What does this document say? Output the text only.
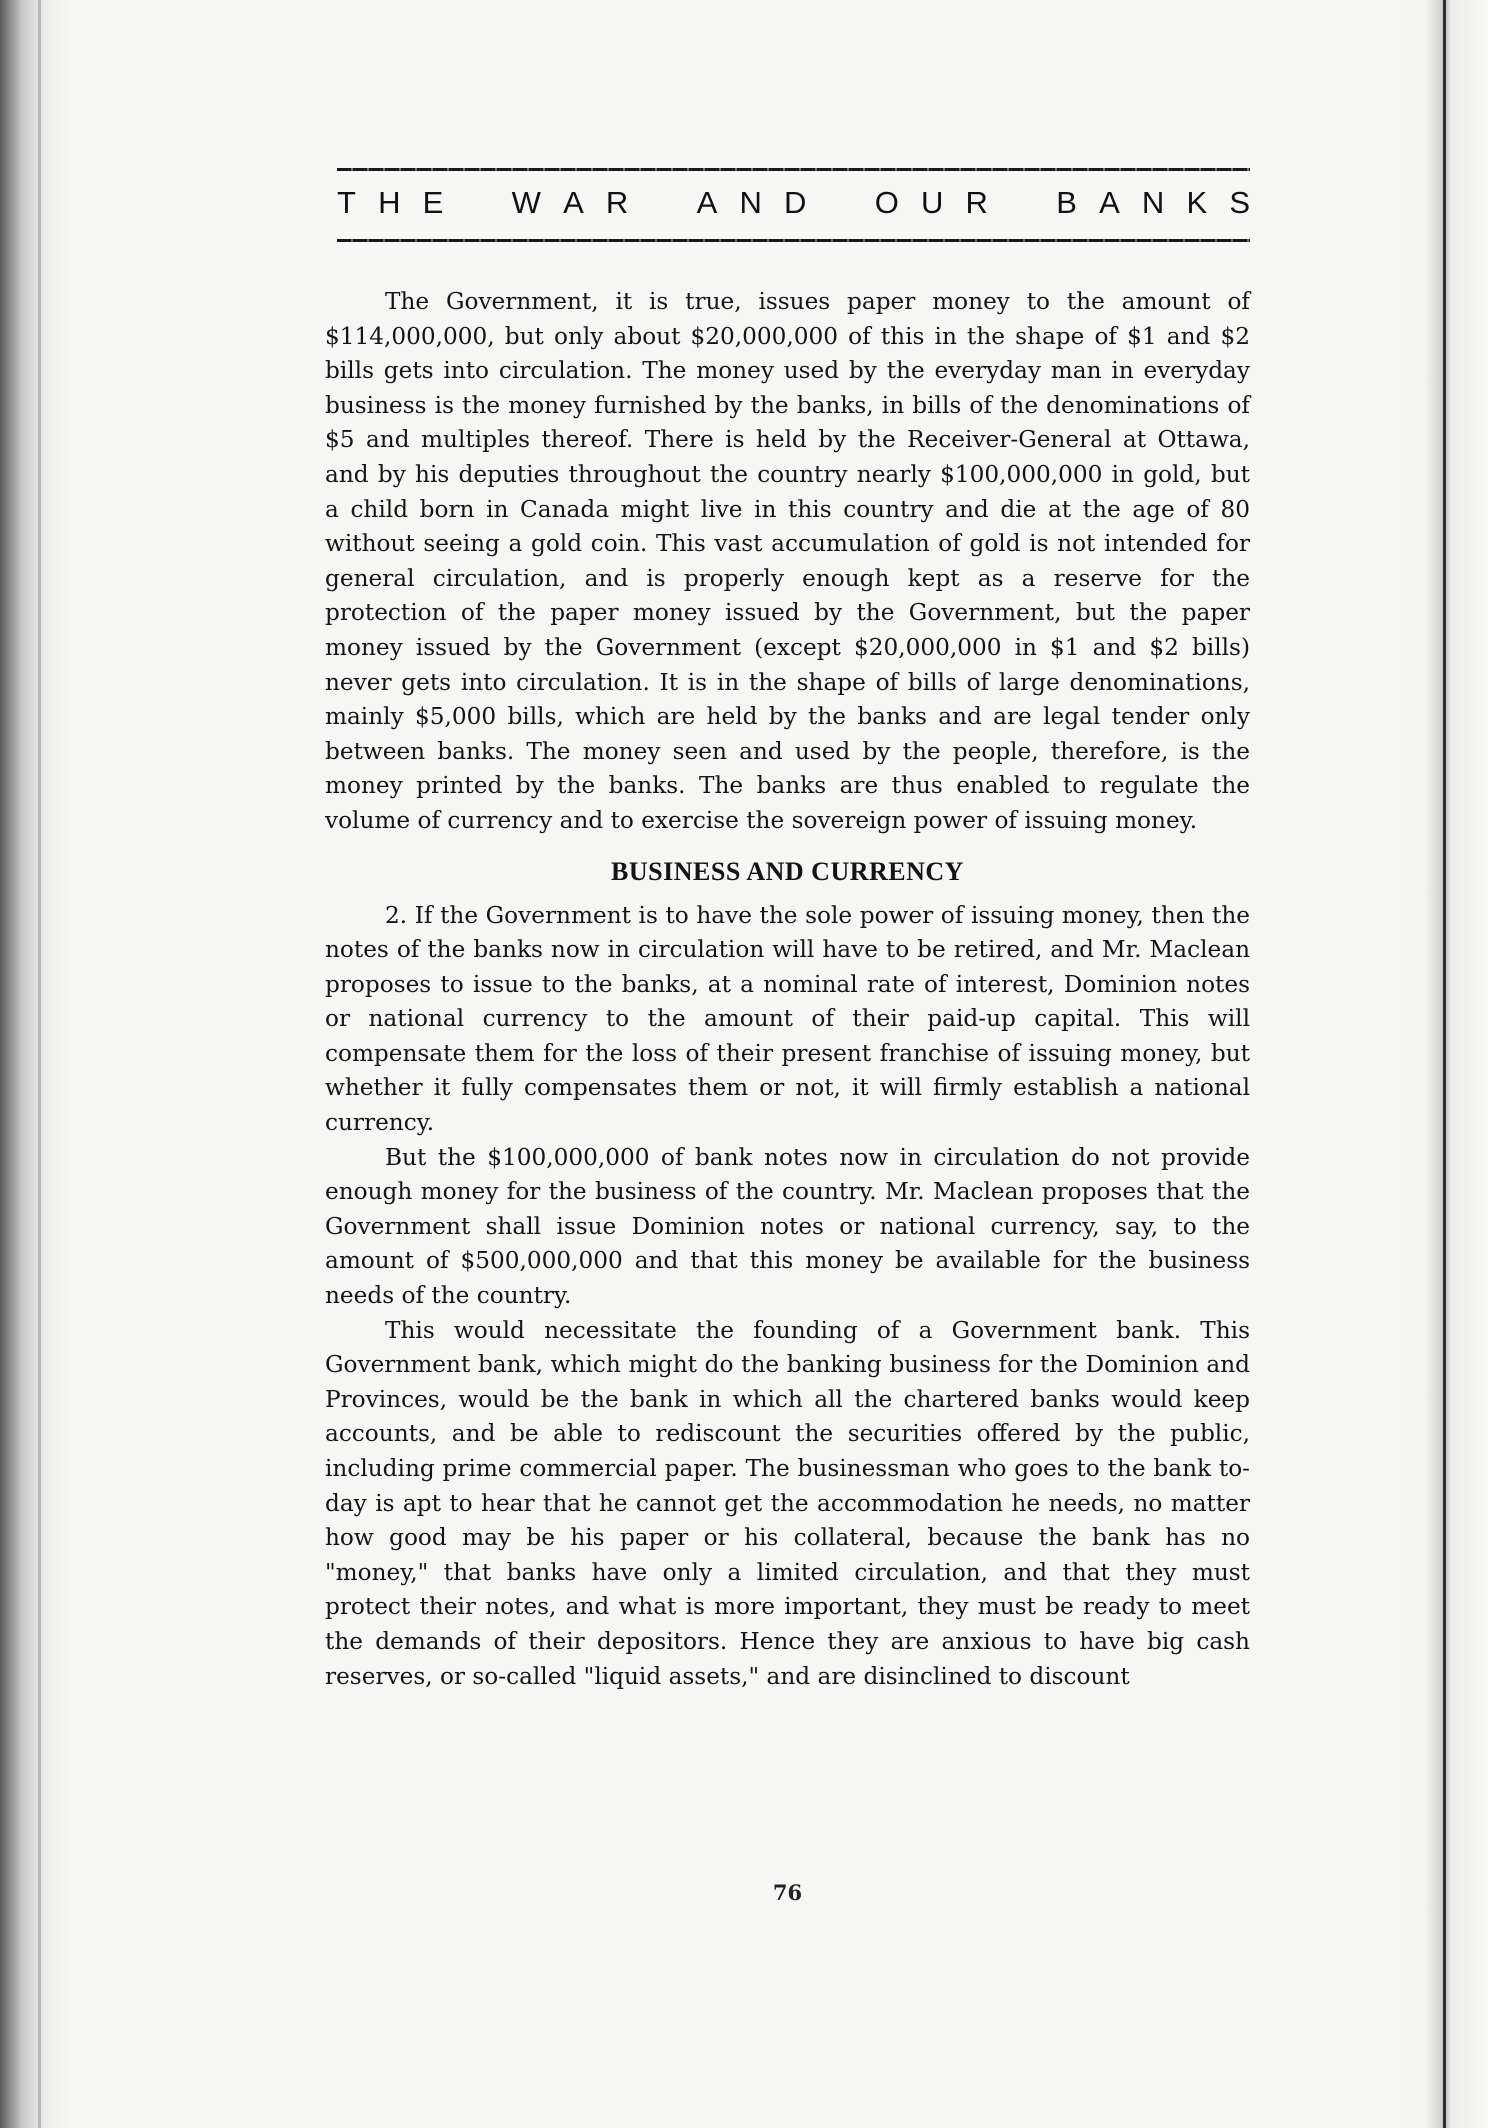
T H E W A R A N D O U R B A N K S

The Government, it is true, issues paper money to the amount of $114,000,000, but only about $20,000,000 of this in the shape of $1 and $2 bills gets into circulation. The money used by the everyday man in everyday business is the money furnished by the banks, in bills of the denominations of $5 and multiples thereof. There is held by the Receiver-General at Ottawa, and by his deputies throughout the country nearly $100,000,000 in gold, but a child born in Canada might live in this country and die at the age of 80 without seeing a gold coin. This vast accumulation of gold is not intended for general circulation, and is properly enough kept as a reserve for the protection of the paper money issued by the Government, but the paper money issued by the Government (except $20,000,000 in $1 and $2 bills) never gets into circulation. It is in the shape of bills of large denominations, mainly $5,000 bills, which are held by the banks and are legal tender only between banks. The money seen and used by the people, therefore, is the money printed by the banks. The banks are thus enabled to regulate the volume of currency and to exercise the sovereign power of issuing money.

BUSINESS AND CURRENCY

2. If the Government is to have the sole power of issuing money, then the notes of the banks now in circulation will have to be retired, and Mr. Maclean proposes to issue to the banks, at a nominal rate of interest, Dominion notes or national currency to the amount of their paid-up capital. This will compensate them for the loss of their present franchise of issuing money, but whether it fully compensates them or not, it will firmly establish a national currency.

But the $100,000,000 of bank notes now in circulation do not provide enough money for the business of the country. Mr. Maclean proposes that the Government shall issue Dominion notes or national currency, say, to the amount of $500,000,000 and that this money be available for the business needs of the country.

This would necessitate the founding of a Government bank. This Government bank, which might do the banking business for the Dominion and Provinces, would be the bank in which all the chartered banks would keep accounts, and be able to rediscount the securities offered by the public, including prime commercial paper. The businessman who goes to the bank to-day is apt to hear that he cannot get the accommodation he needs, no matter how good may be his paper or his collateral, because the bank has no "money," that banks have only a limited circulation, and that they must protect their notes, and what is more important, they must be ready to meet the demands of their depositors. Hence they are anxious to have big cash reserves, or so-called "liquid assets," and are disinclined to discount

76
